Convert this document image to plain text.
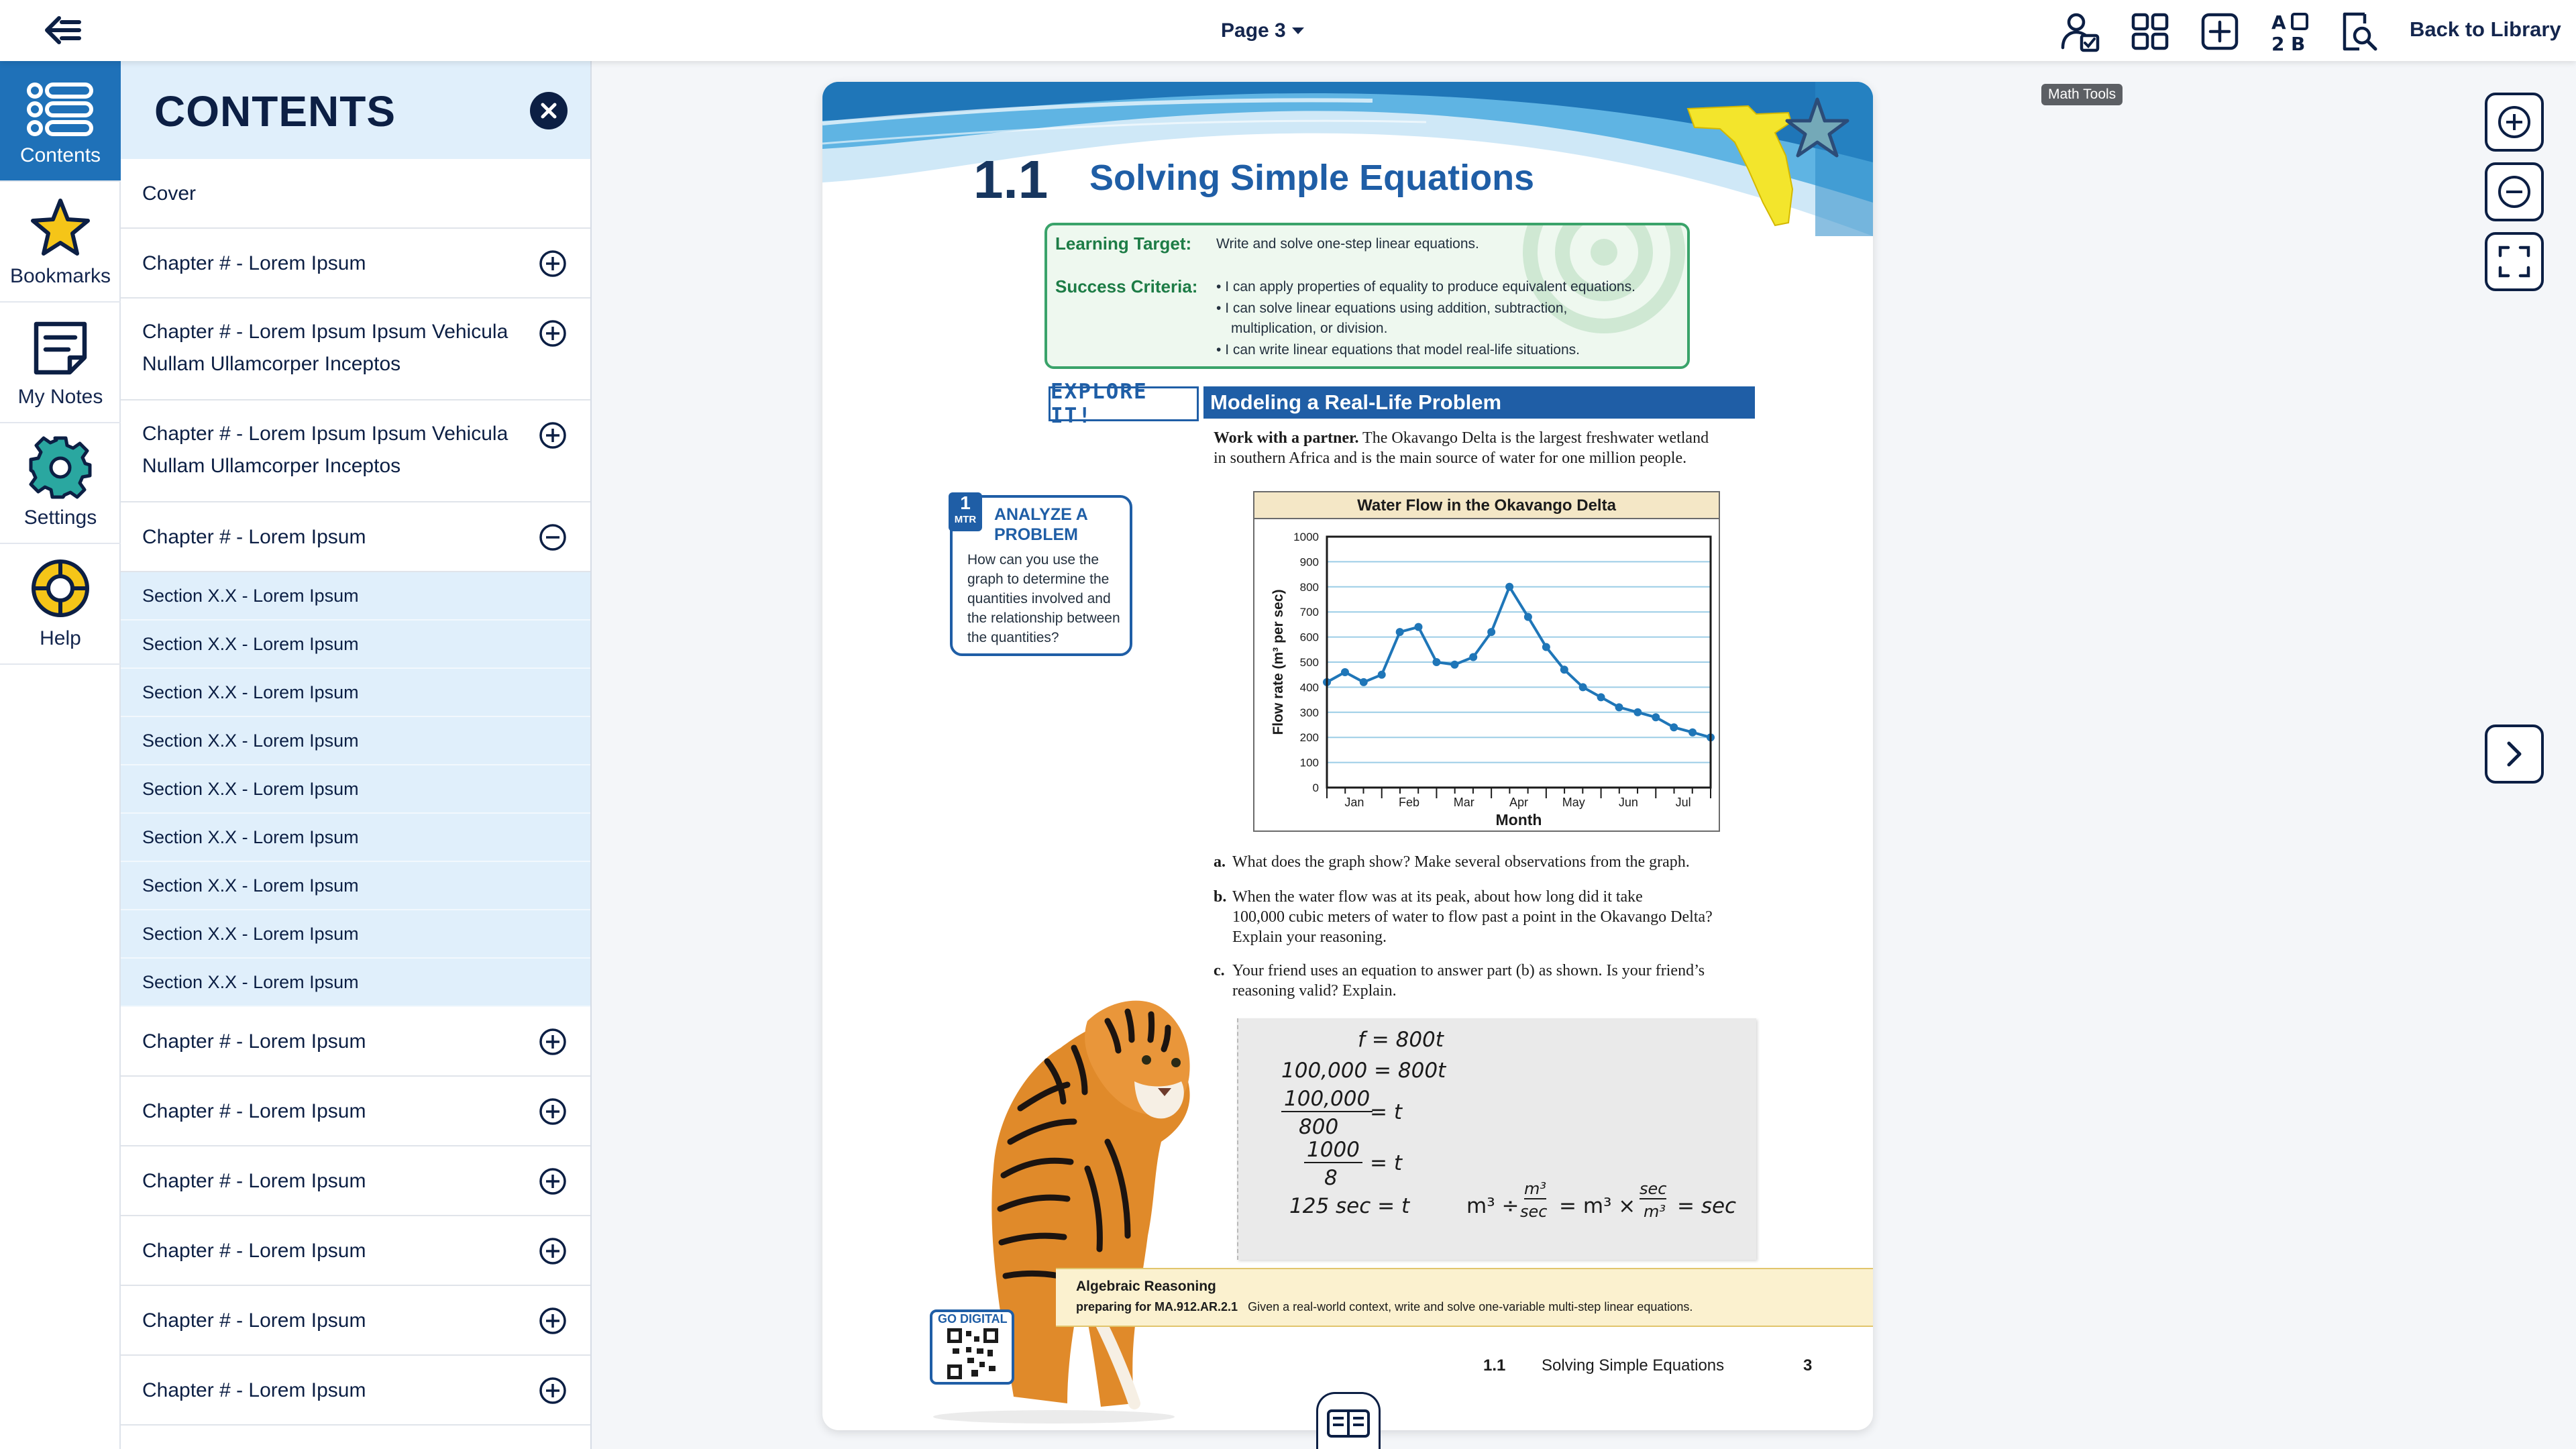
Page 3	A
2 B
Back to Library
Math Tools
Contents
Bookmarks
My Notes
Settings
Help
CONTENTS
Cover
Chapter # - Lorem Ipsum
Chapter # - Lorem Ipsum Ipsum Vehicula
Nullam Ullamcorper Inceptos
Chapter # - Lorem Ipsum Ipsum Vehicula
Nullam Ullamcorper Inceptos
Chapter # - Lorem Ipsum
Section X.X - Lorem Ipsum
Section X.X - Lorem Ipsum
Section X.X - Lorem Ipsum
Section X.X - Lorem Ipsum
Section X.X - Lorem Ipsum
Section X.X - Lorem Ipsum
Section X.X - Lorem Ipsum
Section X.X - Lorem Ipsum
Section X.X - Lorem Ipsum
Chapter # - Lorem Ipsum
Chapter # - Lorem Ipsum
Chapter # - Lorem Ipsum
Chapter # - Lorem Ipsum
Chapter # - Lorem Ipsum
Chapter # - Lorem Ipsum
1.1 Solving Simple Equations
Learning Target: Write and solve one-step linear equations.
Success Criteria: • I can apply properties of equality to produce equivalent equations.
• I can solve linear equations using addition, subtraction,
multiplication, or division.
• I can write linear equations that model real-life situations.
EXPLORE IT!
Modeling a Real-Life Problem
Work with a partner. The Okavango Delta is the largest freshwater wetland
in southern Africa and is the main source of water for one million people.
1
MTR	ANALYZE A
PROBLEM
How can you use the
graph to determine the
quantities involved and
the relationship between
the quantities?
Water Flow in the Okavango Delta
0
100
200
300
400
500
600
700
800
900
1000
Jan	Feb	Mar	Apr	May	Jun	Jul
Flow rate (m³ per sec)
Month
a. What does the graph show? Make several observations from the graph.
b. When the water flow was at its peak, about how long did it take
100,000 cubic meters of water to flow past a point in the Okavango Delta?
Explain your reasoning.
c. Your friend uses an equation to answer part (b) as shown. Is your friend’s
reasoning valid? Explain.
f = 800t
100,000 = 800t
100,000
800
= t
1000
8
= t
125 sec = t	m³ ÷
m³
sec = m³ ×
sec
m³ = sec
Algebraic Reasoning
preparing for MA.912.AR.2.1 Given a real-world context, write and solve one-variable multi-step linear equations.
GO DIGITAL
1.1 Solving Simple Equations	3
